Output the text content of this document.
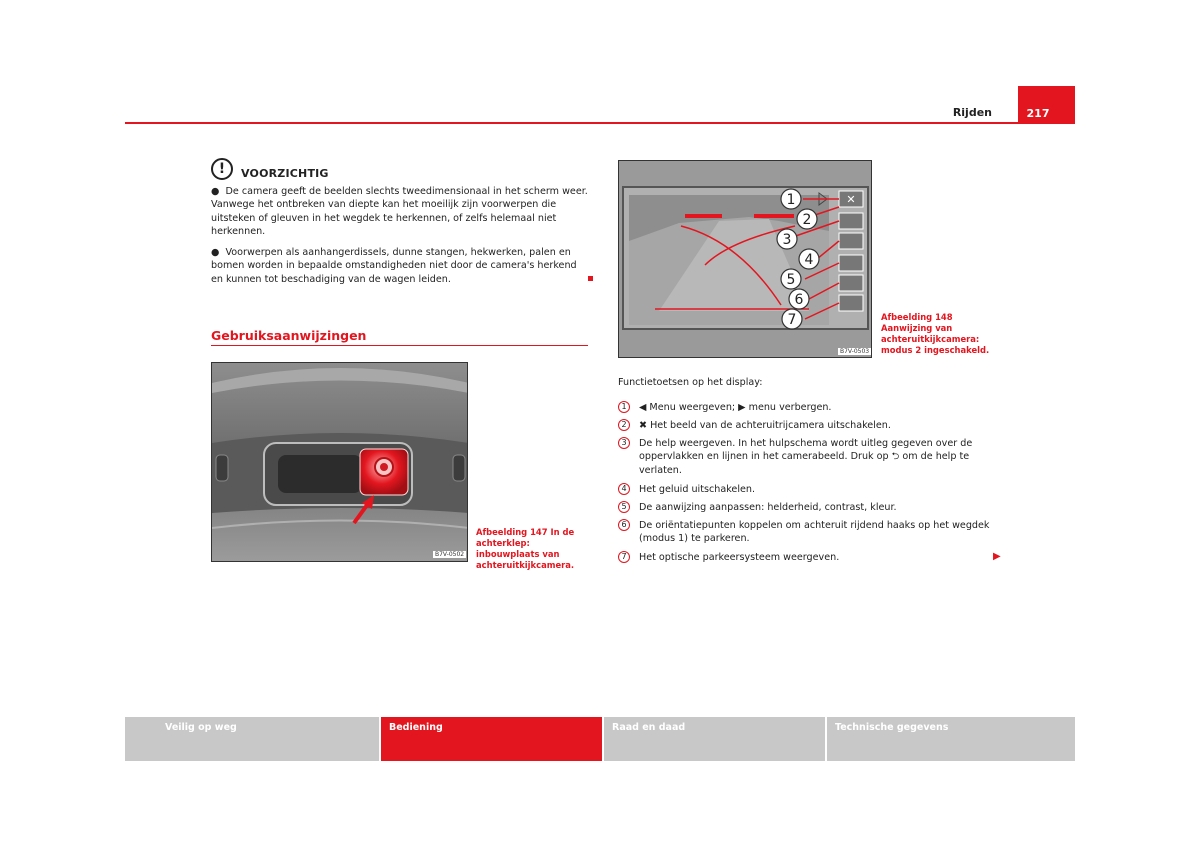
Rijden	217
!	VOORZICHTIG
●  De camera geeft de beelden slechts tweedimensionaal in het scherm weer. Vanwege het ontbreken van diepte kan het moeilijk zijn voorwerpen die uitsteken of gleuven in het wegdek te herkennen, of zelfs helemaal niet herkennen.
●  Voorwerpen als aanhangerdissels, dunne stangen, hekwerken, palen en bomen worden in bepaalde omstandigheden niet door de camera's herkend en kunnen tot beschadiging van de wagen leiden.
Gebruiksaanwijzingen
B7V-0502
Afbeelding 147 In de achterklep: inbouwplaats van achteruitkijkcamera.
✕
1
2
3
4
5
6
7
B7V-0503
Afbeelding 148 Aanwijzing van achteruitkijkcamera: modus 2 ingeschakeld.
Functietoetsen op het display:
1	◀ Menu weergeven; ▶ menu verbergen.
2	✖ Het beeld van de achteruitrijcamera uitschakelen.
3	De help weergeven. In het hulpschema wordt uitleg gegeven over de oppervlakken en lijnen in het camerabeeld. Druk op ⮌ om de help te verlaten.
4	Het geluid uitschakelen.
5	De aanwijzing aanpassen: helderheid, contrast, kleur.
6	De oriëntatiepunten koppelen om achteruit rijdend haaks op het wegdek (modus 1) te parkeren.
7	Het optische parkeersysteem weergeven.	▶
Veilig op weg	Bediening	Raad en daad	Technische gegevens
